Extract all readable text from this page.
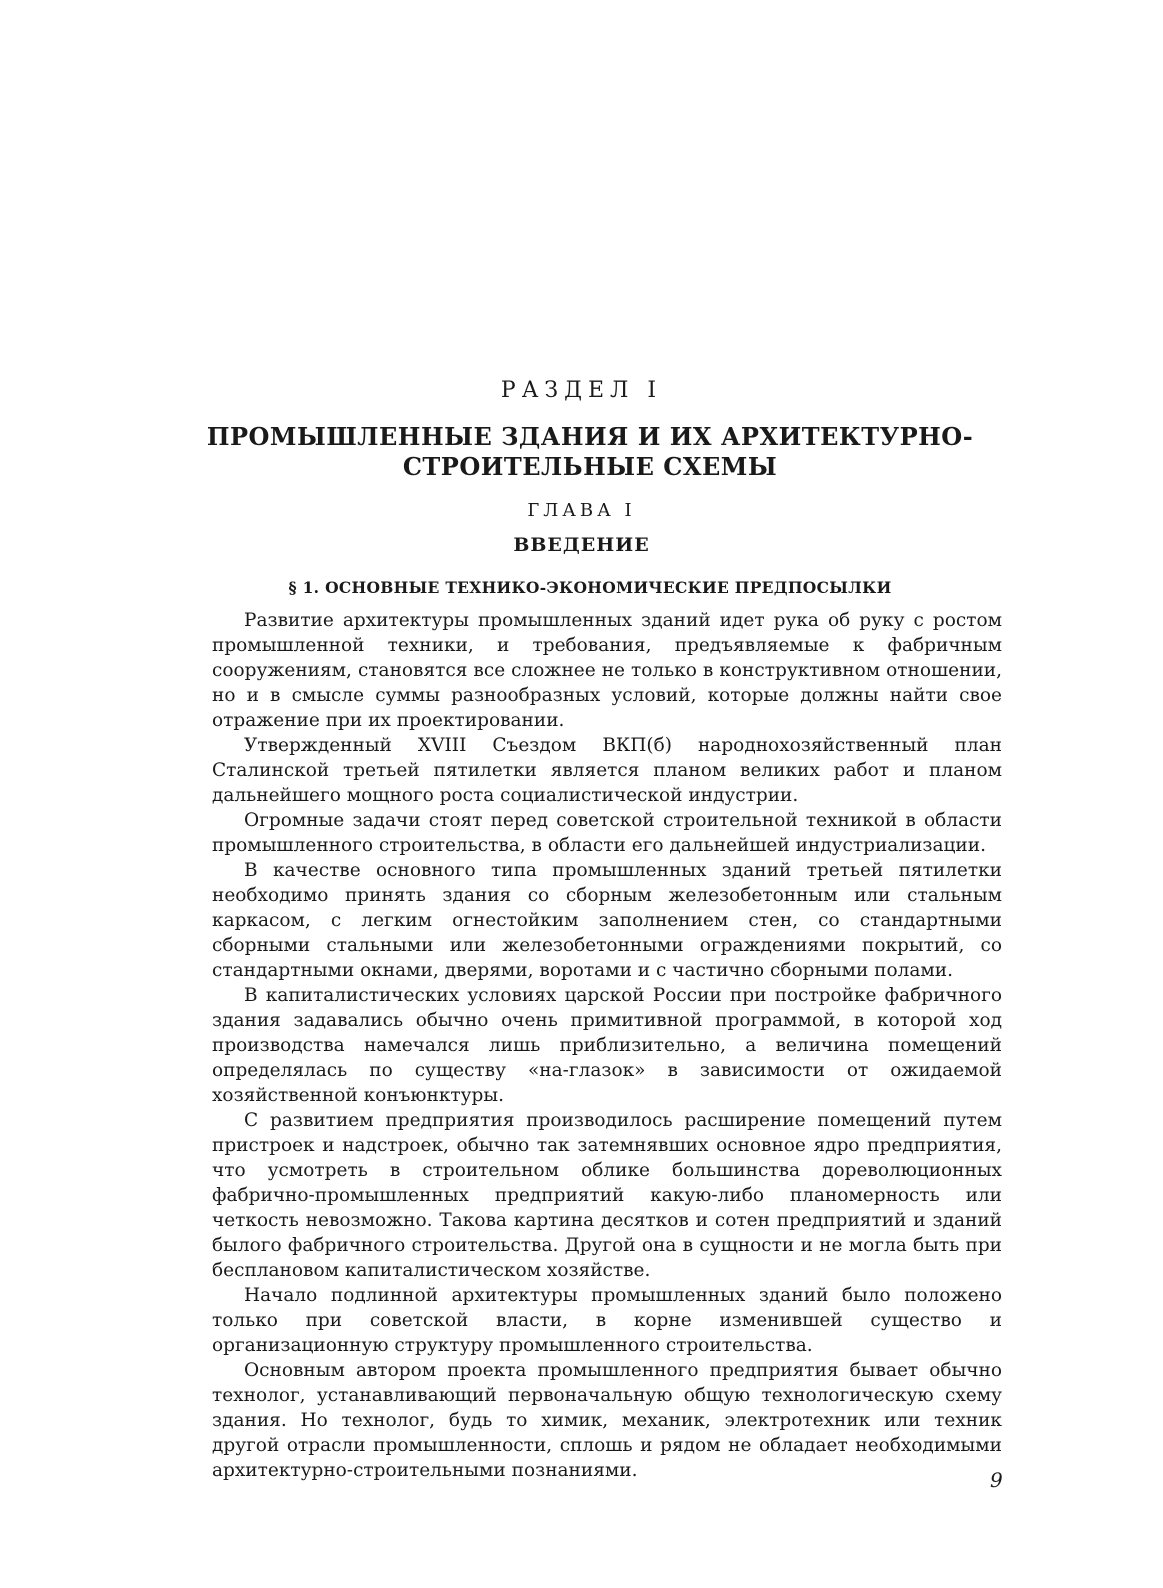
РАЗДЕЛ I
ПРОМЫШЛЕННЫЕ ЗДАНИЯ И ИХ АРХИТЕКТУРНО-
СТРОИТЕЛЬНЫЕ СХЕМЫ
ГЛАВА I
ВВЕДЕНИЕ
§ 1. ОСНОВНЫЕ ТЕХНИКО-ЭКОНОМИЧЕСКИЕ ПРЕДПОСЫЛКИ

Развитие архитектуры промышленных зданий идет рука об руку с ростом промышленной техники, и требования, предъявляемые к фабричным сооружениям, становятся все сложнее не только в конструктивном отношении, но и в смысле суммы разнообразных условий, которые должны найти свое отражение при их проектировании.

Утвержденный XVIII Съездом ВКП(б) народнохозяйственный план Сталинской третьей пятилетки является планом великих работ и планом дальнейшего мощного роста социалистической индустрии.

Огромные задачи стоят перед советской строительной техникой в области промышленного строительства, в области его дальнейшей индустриализации.

В качестве основного типа промышленных зданий третьей пятилетки необходимо принять здания со сборным железобетонным или стальным каркасом, с легким огнестойким заполнением стен, со стандартными сборными стальными или железобетонными ограждениями покрытий, со стандартными окнами, дверями, воротами и с частично сборными полами.

В капиталистических условиях царской России при постройке фабричного здания задавались обычно очень примитивной программой, в которой ход производства намечался лишь приблизительно, а величина помещений определялась по существу «на-глазок» в зависимости от ожидаемой хозяйственной конъюнктуры.

С развитием предприятия производилось расширение помещений путем пристроек и надстроек, обычно так затемнявших основное ядро предприятия, что усмотреть в строительном облике большинства дореволюционных фабрично-промышленных предприятий какую-либо планомерность или четкость невозможно. Такова картина десятков и сотен предприятий и зданий былого фабричного строительства. Другой она в сущности и не могла быть при бесплановом капиталистическом хозяйстве.

Начало подлинной архитектуры промышленных зданий было положено только при советской власти, в корне изменившей существо и организационную структуру промышленного строительства.

Основным автором проекта промышленного предприятия бывает обычно технолог, устанавливающий первоначальную общую технологическую схему здания. Но технолог, будь то химик, механик, электротехник или техник другой отрасли промышленности, сплошь и рядом не обладает необходимыми архитектурно-строительными познаниями.	9
